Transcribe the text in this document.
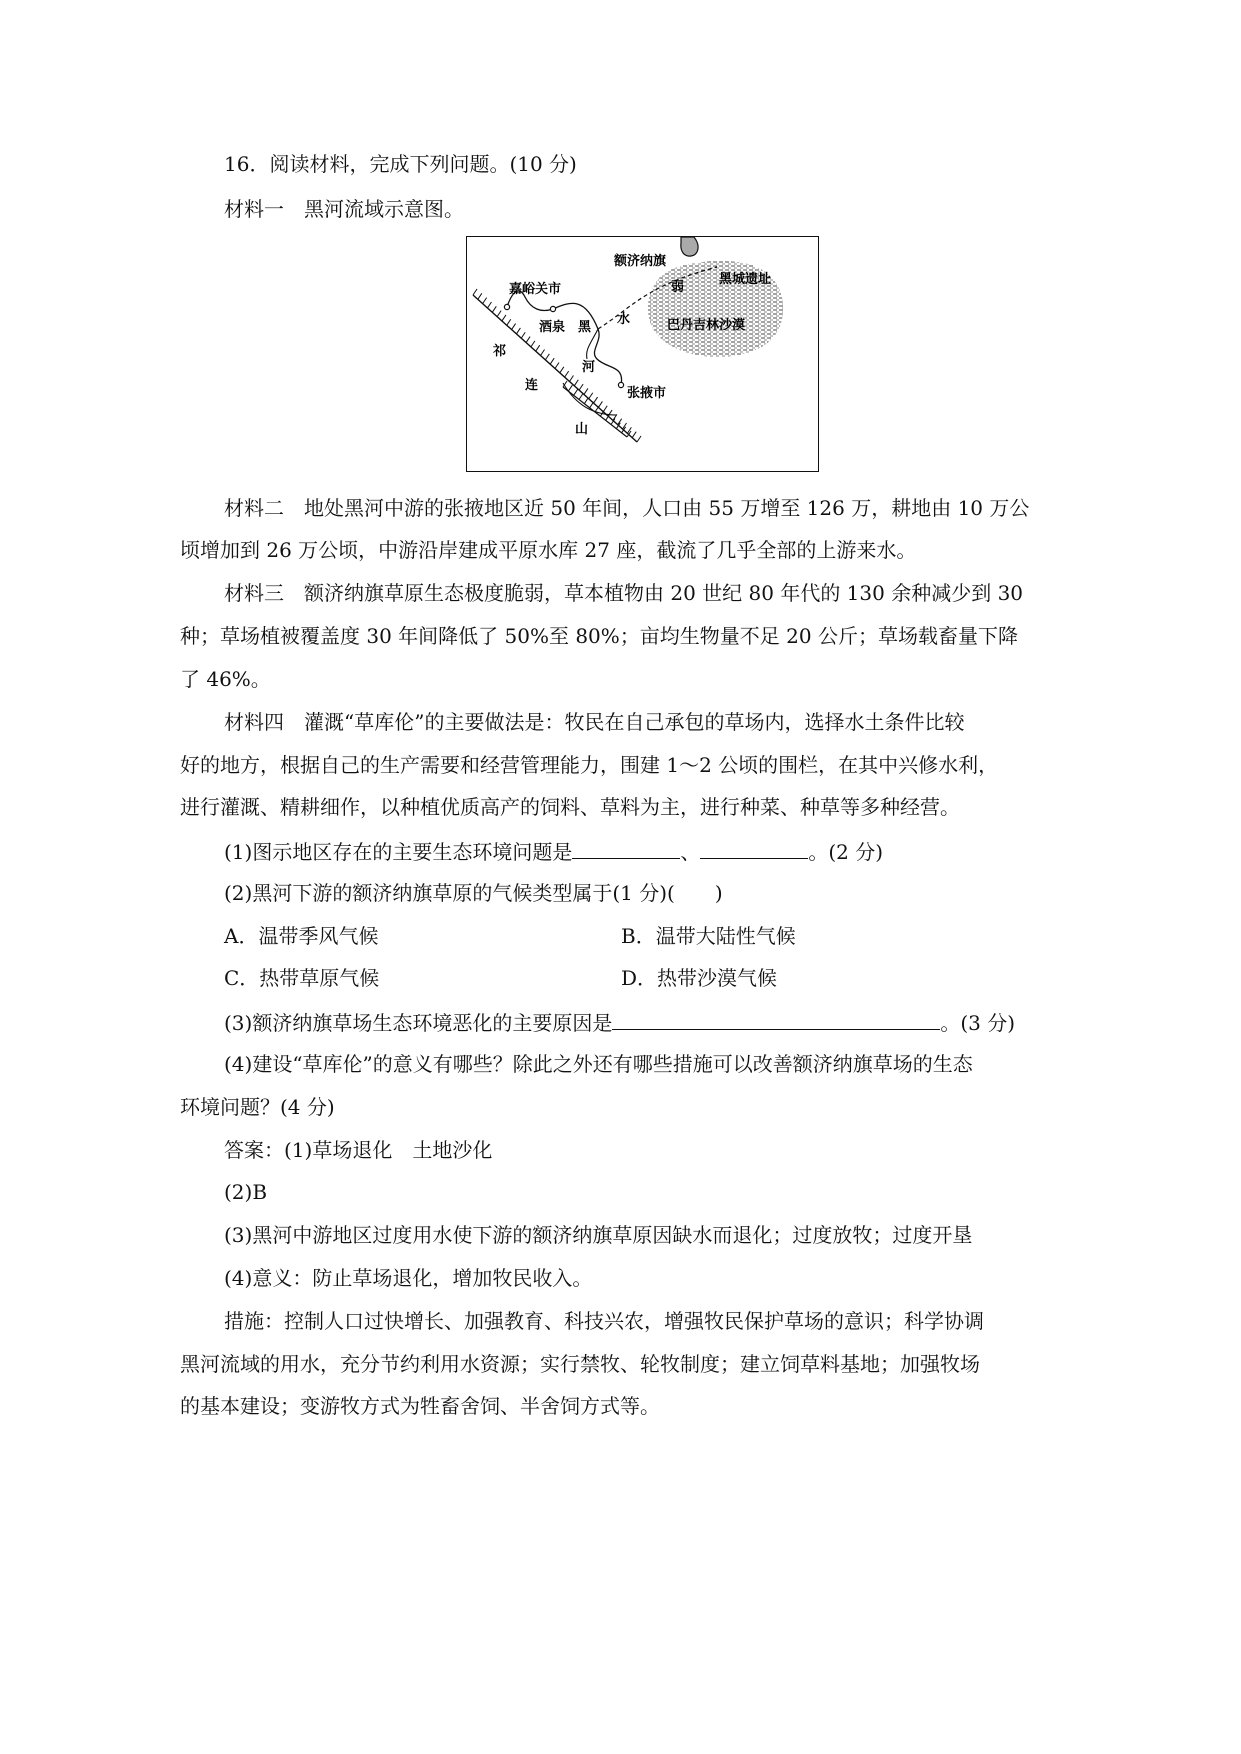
16．阅读材料，完成下列问题。(10 分)
材料一　黑河流域示意图。
额济纳旗
黑城遗址
弱
嘉峪关市
酒泉 黑
水	巴丹吉林沙漠
祁
河
连
张掖市
山
材料二　地处黑河中游的张掖地区近 50 年间，人口由 55 万增至 126 万，耕地由 10 万公
顷增加到 26 万公顷，中游沿岸建成平原水库 27 座，截流了几乎全部的上游来水。
材料三　额济纳旗草原生态极度脆弱，草本植物由 20 世纪 80 年代的 130 余种减少到 30
种；草场植被覆盖度 30 年间降低了 50%至 80%；亩均生物量不足 20 公斤；草场载畜量下降
了 46%。
材料四　灌溉“草库伦”的主要做法是：牧民在自己承包的草场内，选择水土条件比较
好的地方，根据自己的生产需要和经营管理能力，围建 1～2 公顷的围栏，在其中兴修水利，
进行灌溉、精耕细作，以种植优质高产的饲料、草料为主，进行种菜、种草等多种经营。
(1)图示地区存在的主要生态环境问题是	、	。(2 分)
(2)黑河下游的额济纳旗草原的气候类型属于(1 分)(　　)
A．温带季风气候	B．温带大陆性气候
C．热带草原气候	D．热带沙漠气候
(3)额济纳旗草场生态环境恶化的主要原因是	。(3 分)
(4)建设“草库伦”的意义有哪些？除此之外还有哪些措施可以改善额济纳旗草场的生态
环境问题？(4 分)
答案：(1)草场退化　土地沙化
(2)B
(3)黑河中游地区过度用水使下游的额济纳旗草原因缺水而退化；过度放牧；过度开垦
(4)意义：防止草场退化，增加牧民收入。
措施：控制人口过快增长、加强教育、科技兴农，增强牧民保护草场的意识；科学协调
黑河流域的用水，充分节约利用水资源；实行禁牧、轮牧制度；建立饲草料基地；加强牧场
的基本建设；变游牧方式为牲畜舍饲、半舍饲方式等。
